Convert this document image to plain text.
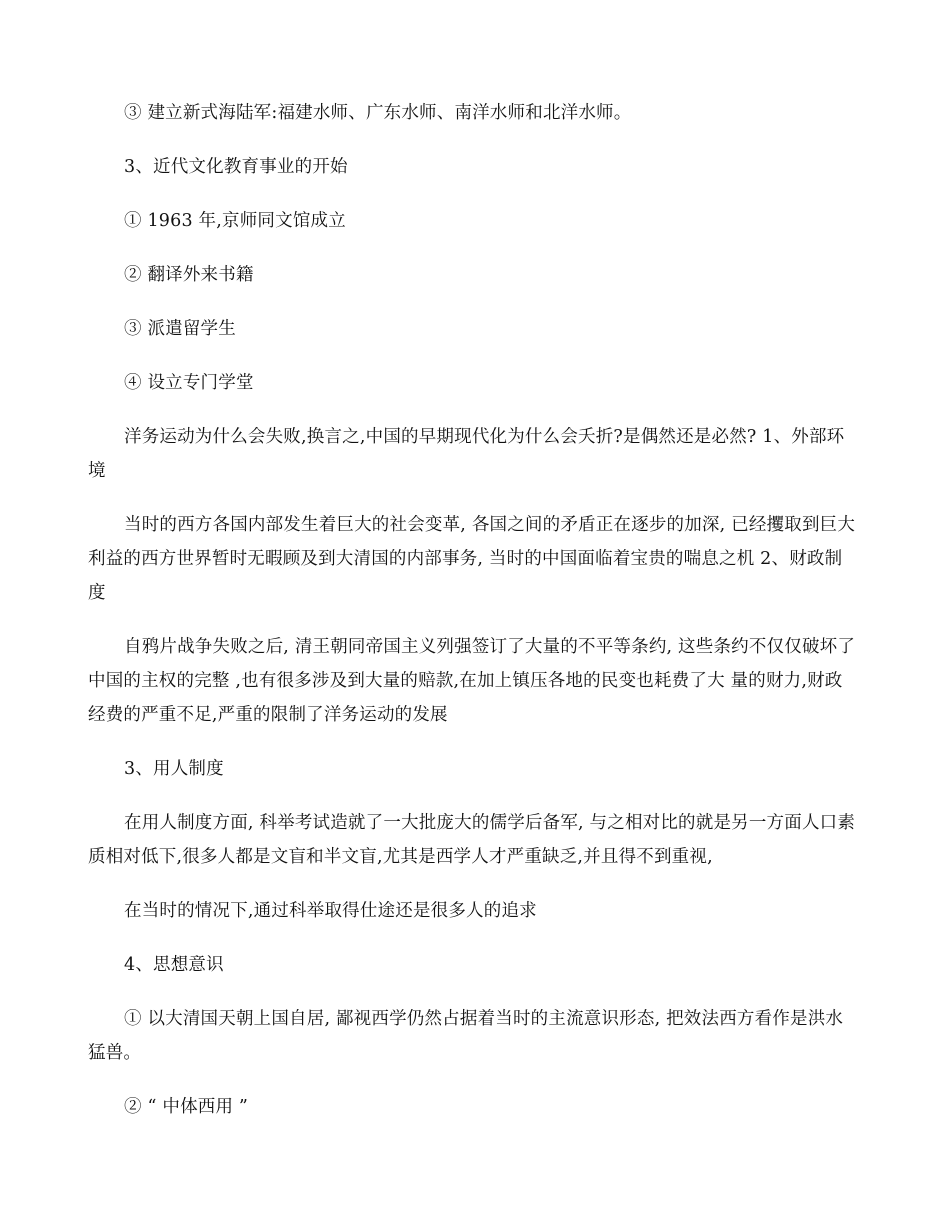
③ 建立新式海陆军:福建水师、广东水师、南洋水师和北洋水师。

3、近代文化教育事业的开始

① 1963 年,京师同文馆成立

② 翻译外来书籍

③ 派遣留学生

④ 设立专门学堂

洋务运动为什么会失败,换言之,中国的早期现代化为什么会夭折?是偶然还是必然? 1、外部环境

当时的西方各国内部发生着巨大的社会变革, 各国之间的矛盾正在逐步的加深, 已经攫取到巨大利益的西方世界暂时无暇顾及到大清国的内部事务, 当时的中国面临着宝贵的喘息之机 2、财政制度

自鸦片战争失败之后, 清王朝同帝国主义列强签订了大量的不平等条约, 这些条约不仅仅破坏了中国的主权的完整 ,也有很多涉及到大量的赔款,在加上镇压各地的民变也耗费了大 量的财力,财政经费的严重不足,严重的限制了洋务运动的发展

3、用人制度

在用人制度方面, 科举考试造就了一大批庞大的儒学后备军, 与之相对比的就是另一方面人口素质相对低下,很多人都是文盲和半文盲,尤其是西学人才严重缺乏,并且得不到重视,

在当时的情况下,通过科举取得仕途还是很多人的追求

4、思想意识

① 以大清国天朝上国自居, 鄙视西学仍然占据着当时的主流意识形态, 把效法西方看作是洪水猛兽。

② “ 中体西用 ”
